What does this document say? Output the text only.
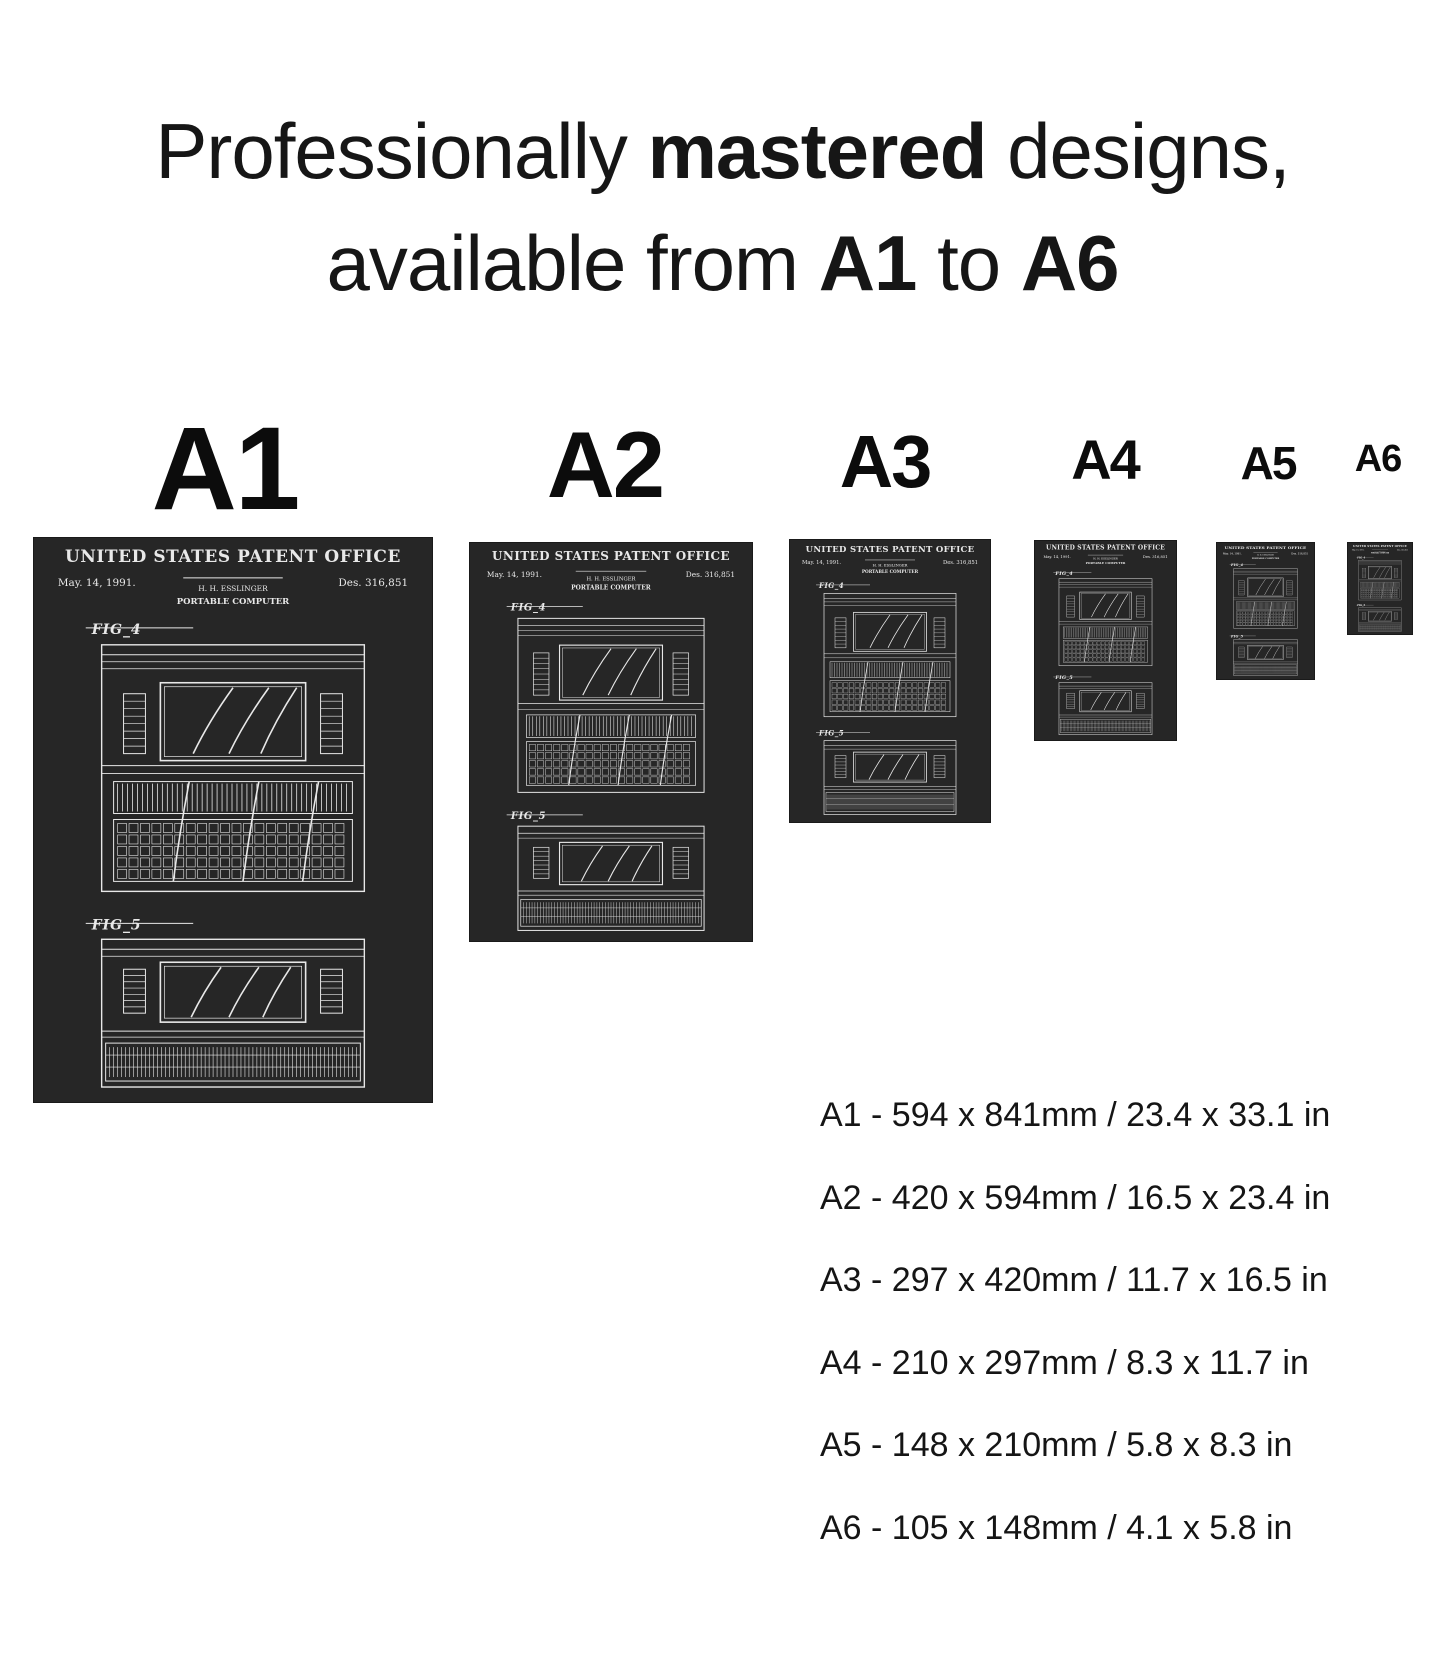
Professionally mastered designs,
available from A1 to A6
A1	A2 A3	A4	A5	A6
UNITED STATES PATENT OFFICE
May. 14, 1991.	Des. 316,851
H. H. ESSLINGER
PORTABLE COMPUTER
FIG_4
FIG_5
UNITED STATES PATENT OFFICE
May. 14, 1991.	Des. 316,851
H. H. ESSLINGER
PORTABLE COMPUTER
FIG_4
FIG_5
UNITED STATES PATENT OFFICE
May. 14, 1991.	Des. 316,851
H. H. ESSLINGER
PORTABLE COMPUTER
FIG_4
FIG_5
UNITED STATES PATENT OFFICE
May. 14, 1991.	Des. 316,851
H. H. ESSLINGER
PORTABLE COMPUTER
FIG_4
FIG_5
UNITED STATES PATENT OFFICE
May. 14, 1991.	Des. 316,851
H. H. ESSLINGER
PORTABLE COMPUTER
FIG_4
FIG_5
UNITED STATES PATENT OFFICE
May. 14, 1991.	Des. 316,851
H. H. ESSLINGER
PORTABLE COMPUTER
FIG_4
FIG_5
A1 - 594 x 841mm / 23.4 x 33.1 in
A2 - 420 x 594mm / 16.5 x 23.4 in
A3 - 297 x 420mm / 11.7 x 16.5 in
A4 - 210 x 297mm / 8.3 x 11.7 in
A5 - 148 x 210mm / 5.8 x 8.3 in
A6 - 105 x 148mm / 4.1 x 5.8 in
